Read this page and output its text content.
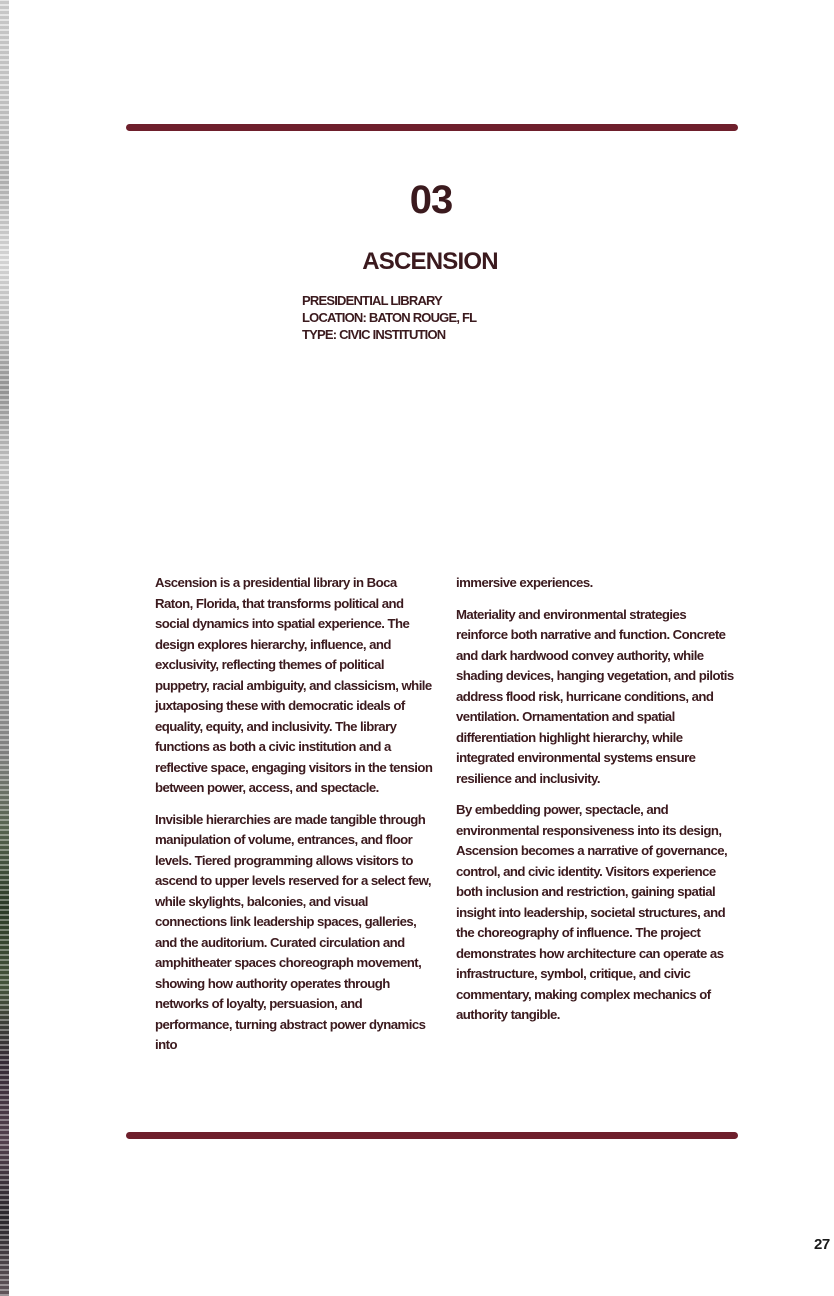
03
ASCENSION
PRESIDENTIAL LIBRARY
LOCATION: BATON ROUGE, FL
TYPE: CIVIC INSTITUTION

Ascension is a presidential library in Boca Raton, Florida, that transforms political and social dynamics into spatial experience. The design explores hierarchy, influence, and exclusivity, reflecting themes of political puppetry, racial ambiguity, and classicism, while juxtaposing these with democratic ideals of equality, equity, and inclusivity. The library functions as both a civic institution and a reflective space, engaging visitors in the tension between power, access, and spectacle.

Invisible hierarchies are made tangible through manipulation of volume, entrances, and floor levels. Tiered programming allows visitors to ascend to upper levels reserved for a select few, while skylights, balconies, and visual connections link leadership spaces, galleries, and the auditorium. Curated circulation and amphitheater spaces choreograph movement, showing how authority operates through networks of loyalty, persuasion, and performance, turning abstract power dynamics into

immersive experiences.

Materiality and environmental strategies reinforce both narrative and function. Concrete and dark hardwood convey authority, while shading devices, hanging vegetation, and pilotis address flood risk, hurricane conditions, and ventilation. Ornamentation and spatial differentiation highlight hierarchy, while integrated environmental systems ensure resilience and inclusivity.

By embedding power, spectacle, and environmental responsiveness into its design, Ascension becomes a narrative of governance, control, and civic identity. Visitors experience both inclusion and restriction, gaining spatial insight into leadership, societal structures, and the choreography of influence. The project demonstrates how architecture can operate as infrastructure, symbol, critique, and civic commentary, making complex mechanics of authority tangible.

27
